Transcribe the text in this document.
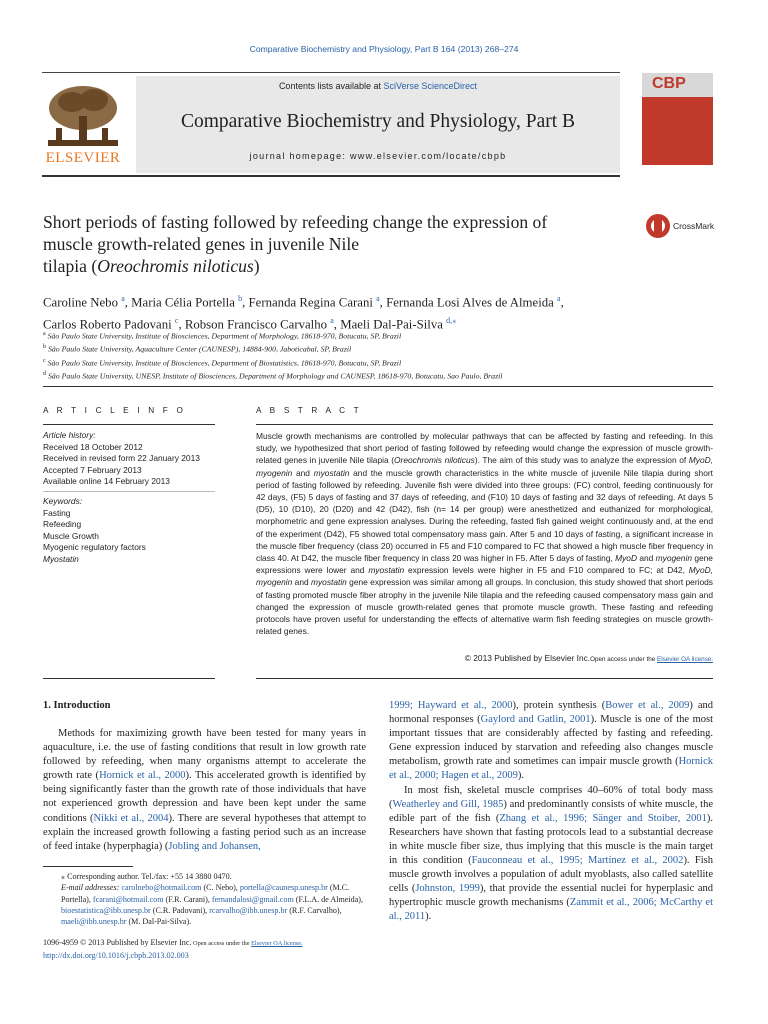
Comparative Biochemistry and Physiology, Part B 164 (2013) 268–274
ELSEVIER
Contents lists available at SciVerse ScienceDirect
Comparative Biochemistry and Physiology, Part B
journal homepage: www.elsevier.com/locate/cbpb
CBP
Short periods of fasting followed by refeeding change the expression of
muscle growth-related genes in juvenile Nile
tilapia (Oreochromis niloticus)
CrossMark
Caroline Nebo $^a$, Maria Célia Portella $^b$, Fernanda Regina Carani $^a$, Fernanda Losi Alves de Almeida $^a$,
Carlos Roberto Padovani $^c$, Robson Francisco Carvalho $^a$, Maeli Dal-Pai-Silva $^{d,⁎}$
$^a$ São Paulo State University, Institute of Biosciences, Department of Morphology, 18618-970, Botucatu, SP, Brazil
$^b$ São Paulo State University, Aquaculture Center (CAUNESP), 14884-900, Jaboticabal, SP, Brazil
$^c$ São Paulo State University, Institute of Biosciences, Department of Biostatistics, 18618-970, Botucatu, SP, Brazil
$^d$ São Paulo State University, UNESP, Institute of Biosciences, Department of Morphology and CAUNESP, 18618-970, Botucatu, Sao Paulo, Brazil
A R T I C L E I N F O	A B S T R A C T
Article history:
Received 18 October 2012
Received in revised form 22 January 2013
Accepted 7 February 2013
Available online 14 February 2013
Keywords:
Fasting
Refeeding
Muscle Growth
Myogenic regulatory factors
Myostatin
Muscle growth mechanisms are controlled by molecular pathways that can be affected by fasting and refeeding. In this study, we hypothesized that short period of fasting followed by refeeding would change the expression of muscle growth-related genes in juvenile Nile tilapia (Oreochromis niloticus). The aim of this study was to analyze the expression of MyoD, myogenin and myostatin and the muscle growth characteristics in the white muscle of juvenile Nile tilapia during short period of fasting followed by refeeding. Juvenile fish were divided into three groups: (FC) control, feeding continuously for 42 days, (F5) 5 days of fasting and 37 days of refeeding, and (F10) 10 days of fasting and 32 days of refeeding. At days 5 (D5), 10 (D10), 20 (D20) and 42 (D42), fish (n= 14 per group) were anesthetized and euthanized for morphological, morphometric and gene expression analyses. During the refeeding, fasted fish gained weight continuously and, at the end of the experiment (D42), F5 showed total compensatory mass gain. After 5 and 10 days of fasting, a significant increase in the muscle fiber frequency (class 20) occurred in F5 and F10 compared to FC that showed a high muscle fiber frequency in class 40. At D42, the muscle fiber frequency in class 20 was higher in F5. After 5 days of fasting, MyoD and myogenin gene expressions were lower and myostatin expression levels were higher in F5 and F10 compared to FC; at D42, MyoD, myogenin and myostatin gene expression was similar among all groups. In conclusion, this study showed that short periods of fasting promoted muscle fiber atrophy in the juvenile Nile tilapia and the refeeding caused compensatory mass gain and changed the expression of muscle growth-related genes that promote muscle growth. These fasting and refeeding protocols have proven useful for understanding the effects of alternative warm fish feeding strategies on muscle growth-related genes.
© 2013 Published by Elsevier Inc.Open access under the Elsevier OA license.
1. Introduction
Methods for maximizing growth have been tested for many years in aquaculture, i.e. the use of fasting conditions that result in low growth rate followed by refeeding, when many organisms attempt to accelerate the growth rate (Hornick et al., 2000). This accelerated growth is identified by being significantly faster than the growth rate of those individuals that have not experienced growth depression and have been kept under the same conditions (Nikki et al., 2004). There are several hypotheses that attempt to explain the increased growth following a fasting period such as an increase of feed intake (hyperphagia) (Jobling and Johansen,
⁎ Corresponding author. Tel./fax: +55 14 3880 0470.
E-mail addresses: carolnebo@hotmail.com (C. Nebo), portella@caunesp.unesp.br (M.C. Portella), fcarani@hotmail.com (F.R. Carani), fernandalosi@gmail.com (F.L.A. de Almeida), bioestatistica@ibb.unesp.br (C.R. Padovani), rcarvalho@ibb.unesp.br (R.F. Carvalho), maeli@ibb.unesp.br (M. Dal-Pai-Silva).
1096-4959 © 2013 Published by Elsevier Inc. Open access under the Elsevier OA license.
http://dx.doi.org/10.1016/j.cbpb.2013.02.003

1999; Hayward et al., 2000), protein synthesis (Bower et al., 2009) and hormonal responses (Gaylord and Gatlin, 2001). Muscle is one of the most important tissues that are considerably affected by fasting and refeeding. Gene expression induced by starvation and refeeding also changes muscle metabolism, growth rate and sometimes can impair muscle growth (Hornick et al., 2000; Hagen et al., 2009).

In most fish, skeletal muscle comprises 40–60% of total body mass (Weatherley and Gill, 1985) and predominantly consists of white muscle, the edible part of the fish (Zhang et al., 1996; Sänger and Stoiber, 2001). Researchers have shown that fasting protocols lead to a substantial decrease in white muscle fiber size, thus implying that this muscle is the main target in this condition (Fauconneau et al., 1995; Martínez et al., 2002). Fish muscle growth involves a population of adult myoblasts, also called satellite cells (Johnston, 1999), that provide the essential nuclei for hyperplasic and hypertrophic muscle growth mechanisms (Zammit et al., 2006; McCarthy et al., 2011).
